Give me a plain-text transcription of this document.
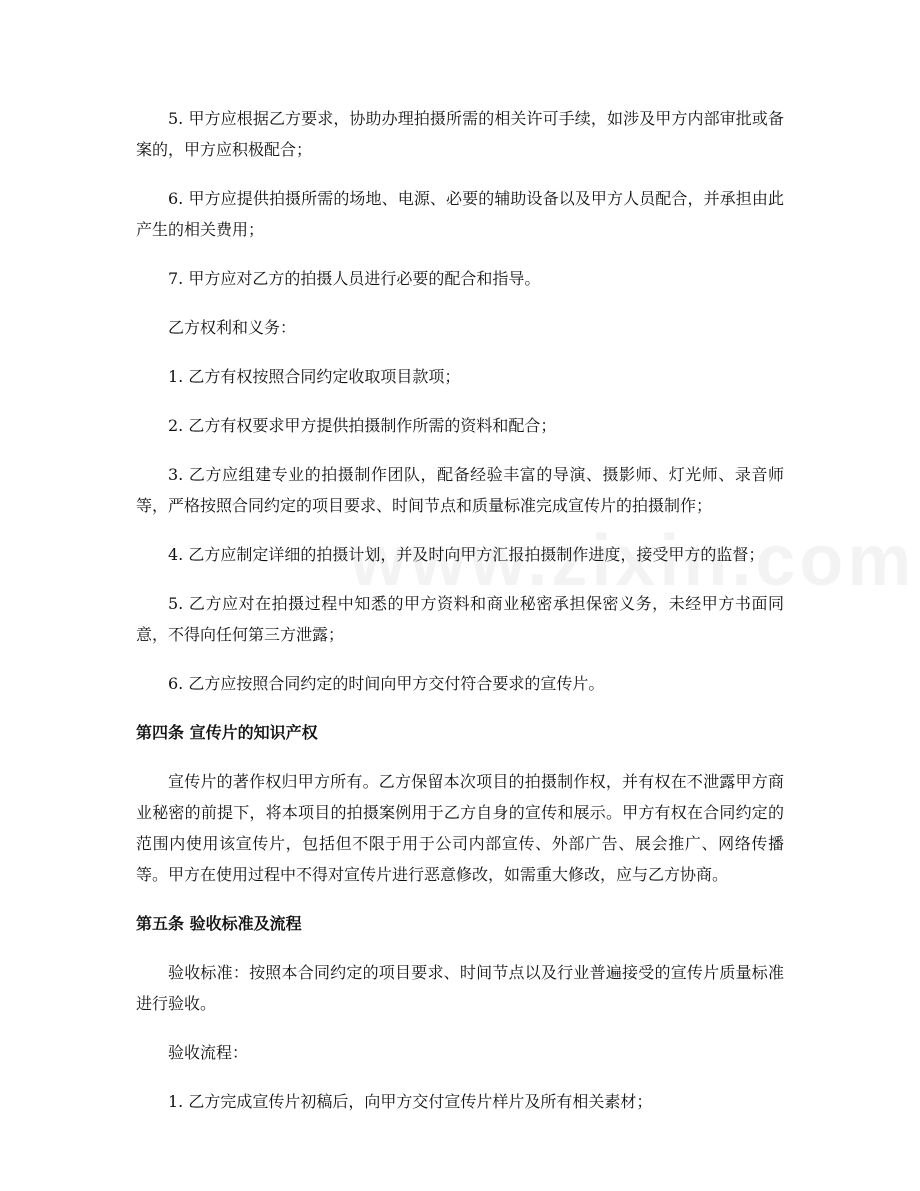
5. 甲方应根据乙方要求，协助办理拍摄所需的相关许可手续，如涉及甲方内部审批或备案的，甲方应积极配合；

6. 甲方应提供拍摄所需的场地、电源、必要的辅助设备以及甲方人员配合，并承担由此产生的相关费用；

7. 甲方应对乙方的拍摄人员进行必要的配合和指导。

乙方权利和义务：

1. 乙方有权按照合同约定收取项目款项；

2. 乙方有权要求甲方提供拍摄制作所需的资料和配合；

3. 乙方应组建专业的拍摄制作团队，配备经验丰富的导演、摄影师、灯光师、录音师等，严格按照合同约定的项目要求、时间节点和质量标准完成宣传片的拍摄制作；

4. 乙方应制定详细的拍摄计划，并及时向甲方汇报拍摄制作进度，接受甲方的监督；

5. 乙方应对在拍摄过程中知悉的甲方资料和商业秘密承担保密义务，未经甲方书面同意，不得向任何第三方泄露；

6. 乙方应按照合同约定的时间向甲方交付符合要求的宣传片。

第四条 宣传片的知识产权

宣传片的著作权归甲方所有。乙方保留本次项目的拍摄制作权，并有权在不泄露甲方商业秘密的前提下，将本项目的拍摄案例用于乙方自身的宣传和展示。甲方有权在合同约定的范围内使用该宣传片，包括但不限于用于公司内部宣传、外部广告、展会推广、网络传播等。甲方在使用过程中不得对宣传片进行恶意修改，如需重大修改，应与乙方协商。

第五条 验收标准及流程

验收标准：按照本合同约定的项目要求、时间节点以及行业普遍接受的宣传片质量标准进行验收。

验收流程：

1. 乙方完成宣传片初稿后，向甲方交付宣传片样片及所有相关素材；
